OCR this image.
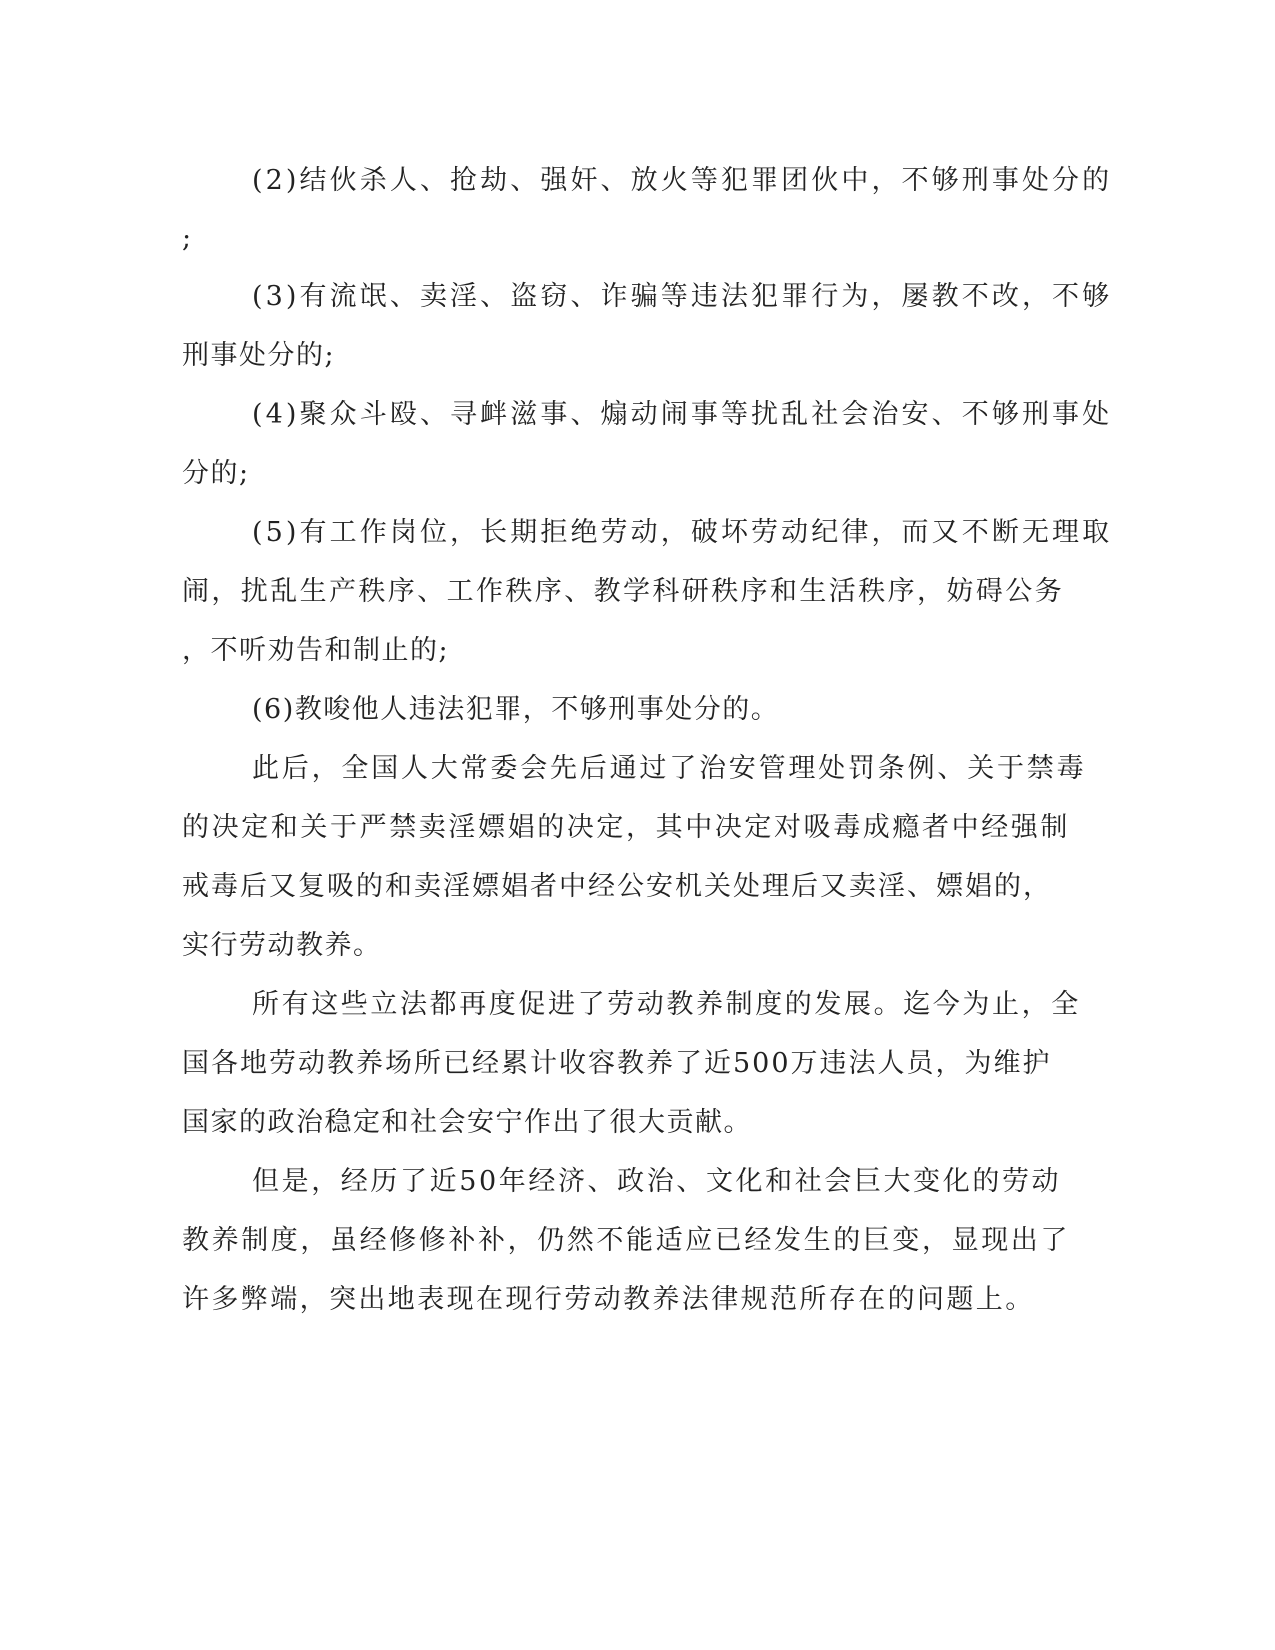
(2)结伙杀人、抢劫、强奸、放火等犯罪团伙中，不够刑事处分的
;
(3)有流氓、卖淫、盗窃、诈骗等违法犯罪行为，屡教不改，不够
刑事处分的;
(4)聚众斗殴、寻衅滋事、煽动闹事等扰乱社会治安、不够刑事处
分的;
(5)有工作岗位，长期拒绝劳动，破坏劳动纪律，而又不断无理取
闹，扰乱生产秩序、工作秩序、教学科研秩序和生活秩序，妨碍公务
，不听劝告和制止的;
(6)教唆他人违法犯罪，不够刑事处分的。
此后，全国人大常委会先后通过了治安管理处罚条例、关于禁毒
的决定和关于严禁卖淫嫖娼的决定，其中决定对吸毒成瘾者中经强制
戒毒后又复吸的和卖淫嫖娼者中经公安机关处理后又卖淫、嫖娼的，
实行劳动教养。
所有这些立法都再度促进了劳动教养制度的发展。迄今为止，全
国各地劳动教养场所已经累计收容教养了近500万违法人员，为维护
国家的政治稳定和社会安宁作出了很大贡献。
但是，经历了近50年经济、政治、文化和社会巨大变化的劳动
教养制度，虽经修修补补，仍然不能适应已经发生的巨变，显现出了
许多弊端，突出地表现在现行劳动教养法律规范所存在的问题上。
